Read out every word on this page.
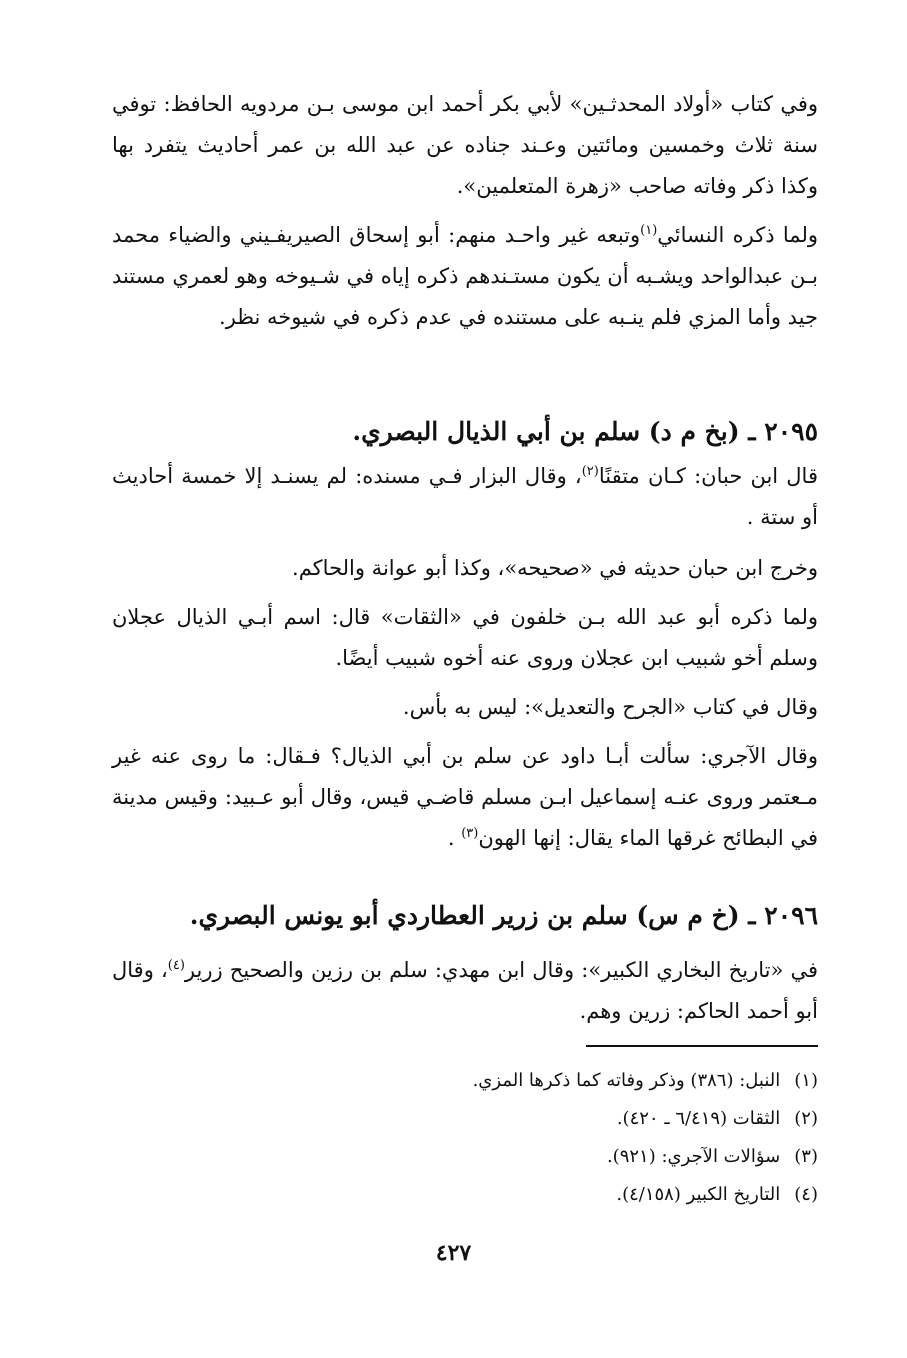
وفي كتاب «أولاد المحدثـين» لأبي بكر أحمد ابن موسى بـن مردويه الحافظ: توفي سنة ثلاث وخمسين ومائتين وعـند جناده عن عبد الله بن عمر أحاديث يتفرد بها وكذا ذكر وفاته صاحب «زهرة المتعلمين».

ولما ذكره النسائي$^{(١)}$وتبعه غير واحـد منهم: أبو إسحاق الصيريفـيني والضياء محمد بـن عبدالواحد ويشـبه أن يكون مستـندهم ذكره إياه في شـيوخه وهو لعمري مستند جيد وأما المزي فلم ينـبه على مستنده في عدم ذكره في شيوخه نظر.

٢٠٩٥ ـ (بخ م د) سلم بن أبي الذيال البصري.

قال ابن حبان: كـان متقنًا$^{(٢)}$، وقال البزار فـي مسنده: لم يسنـد إلا خمسة أحاديث أو ستة .

وخرج ابن حبان حديثه في «صحيحه»، وكذا أبو عوانة والحاكم.

ولما ذكره أبو عبد الله بـن خلفون في «الثقات» قال: اسم أبـي الذيال عجلان وسلم أخو شبيب ابن عجلان وروى عنه أخوه شبيب أيضًا.

وقال في كتاب «الجرح والتعديل»: ليس به بأس.

وقال الآجري: سألت أبـا داود عن سلم بن أبي الذيال؟ فـقال: ما روى عنه غير مـعتمر وروى عنـه إسماعيل ابـن مسلم قاضـي قيس، وقال أبو عـبيد: وقيس مدينة في البطائح غرقها الماء يقال: إنها الهون$^{(٣)}$ .

٢٠٩٦ ـ (خ م س) سلم بن زرير العطاردي أبو يونس البصري.

في «تاريخ البخاري الكبير»: وقال ابن مهدي: سلم بن رزين والصحيح زرير$^{(٤)}$، وقال أبو أحمد الحاكم: زرين وهم.

(١)النبل: (٣٨٦) وذكر وفاته كما ذكرها المزي.
(٢)الثقات (٦/٤١٩ ـ ٤٢٠).
(٣)سؤالات الآجري: (٩٢١).
(٤)التاريخ الكبير (٤/١٥٨).
٤٢٧
